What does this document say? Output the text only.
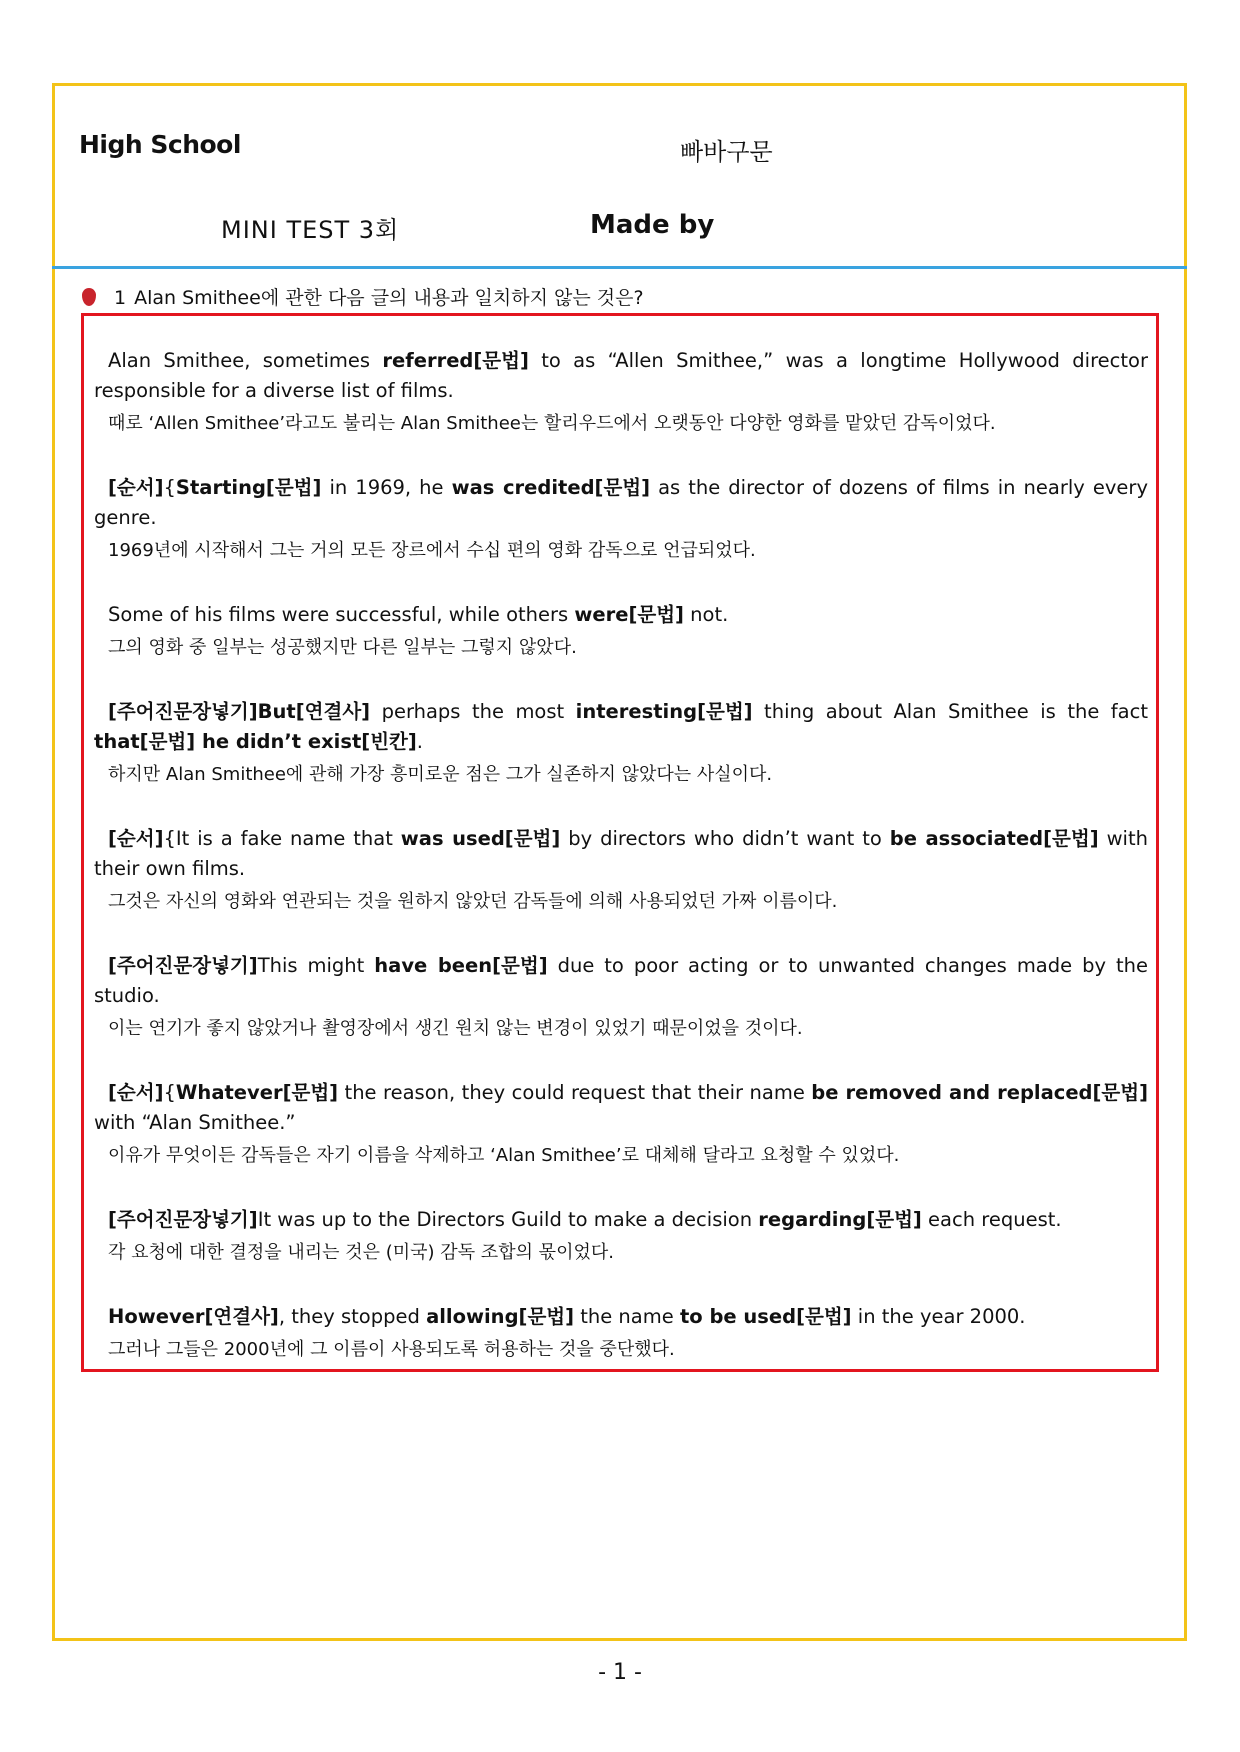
High School	빠바구문
MINI TEST 3회	Made by
1 Alan Smithee에 관한 다음 글의 내용과 일치하지 않는 것은?

Alan Smithee, sometimes referred[문법] to as “Allen Smithee,” was a longtime Hollywood director responsible for a diverse list of films.

때로 ‘Allen Smithee’라고도 불리는 Alan Smithee는 할리우드에서 오랫동안 다양한 영화를 맡았던 감독이었다.

[순서]{Starting[문법] in 1969, he was credited[문법] as the director of dozens of films in nearly every genre.

1969년에 시작해서 그는 거의 모든 장르에서 수십 편의 영화 감독으로 언급되었다.

Some of his films were successful, while others were[문법] not.

그의 영화 중 일부는 성공했지만 다른 일부는 그렇지 않았다.

[주어진문장넣기]But[연결사] perhaps the most interesting[문법] thing about Alan Smithee is the fact that[문법] he didn’t exist[빈칸].

하지만 Alan Smithee에 관해 가장 흥미로운 점은 그가 실존하지 않았다는 사실이다.

[순서]{It is a fake name that was used[문법] by directors who didn’t want to be associated[문법] with their own films.

그것은 자신의 영화와 연관되는 것을 원하지 않았던 감독들에 의해 사용되었던 가짜 이름이다.

[주어진문장넣기]This might have been[문법] due to poor acting or to unwanted changes made by the studio.

이는 연기가 좋지 않았거나 촬영장에서 생긴 원치 않는 변경이 있었기 때문이었을 것이다.

[순서]{Whatever[문법] the reason, they could request that their name be removed and replaced[문법] with “Alan Smithee.”

이유가 무엇이든 감독들은 자기 이름을 삭제하고 ‘Alan Smithee’로 대체해 달라고 요청할 수 있었다.

[주어진문장넣기]It was up to the Directors Guild to make a decision regarding[문법] each request.

각 요청에 대한 결정을 내리는 것은 (미국) 감독 조합의 몫이었다.

However[연결사], they stopped allowing[문법] the name to be used[문법] in the year 2000.

그러나 그들은 2000년에 그 이름이 사용되도록 허용하는 것을 중단했다.
- 1 -
